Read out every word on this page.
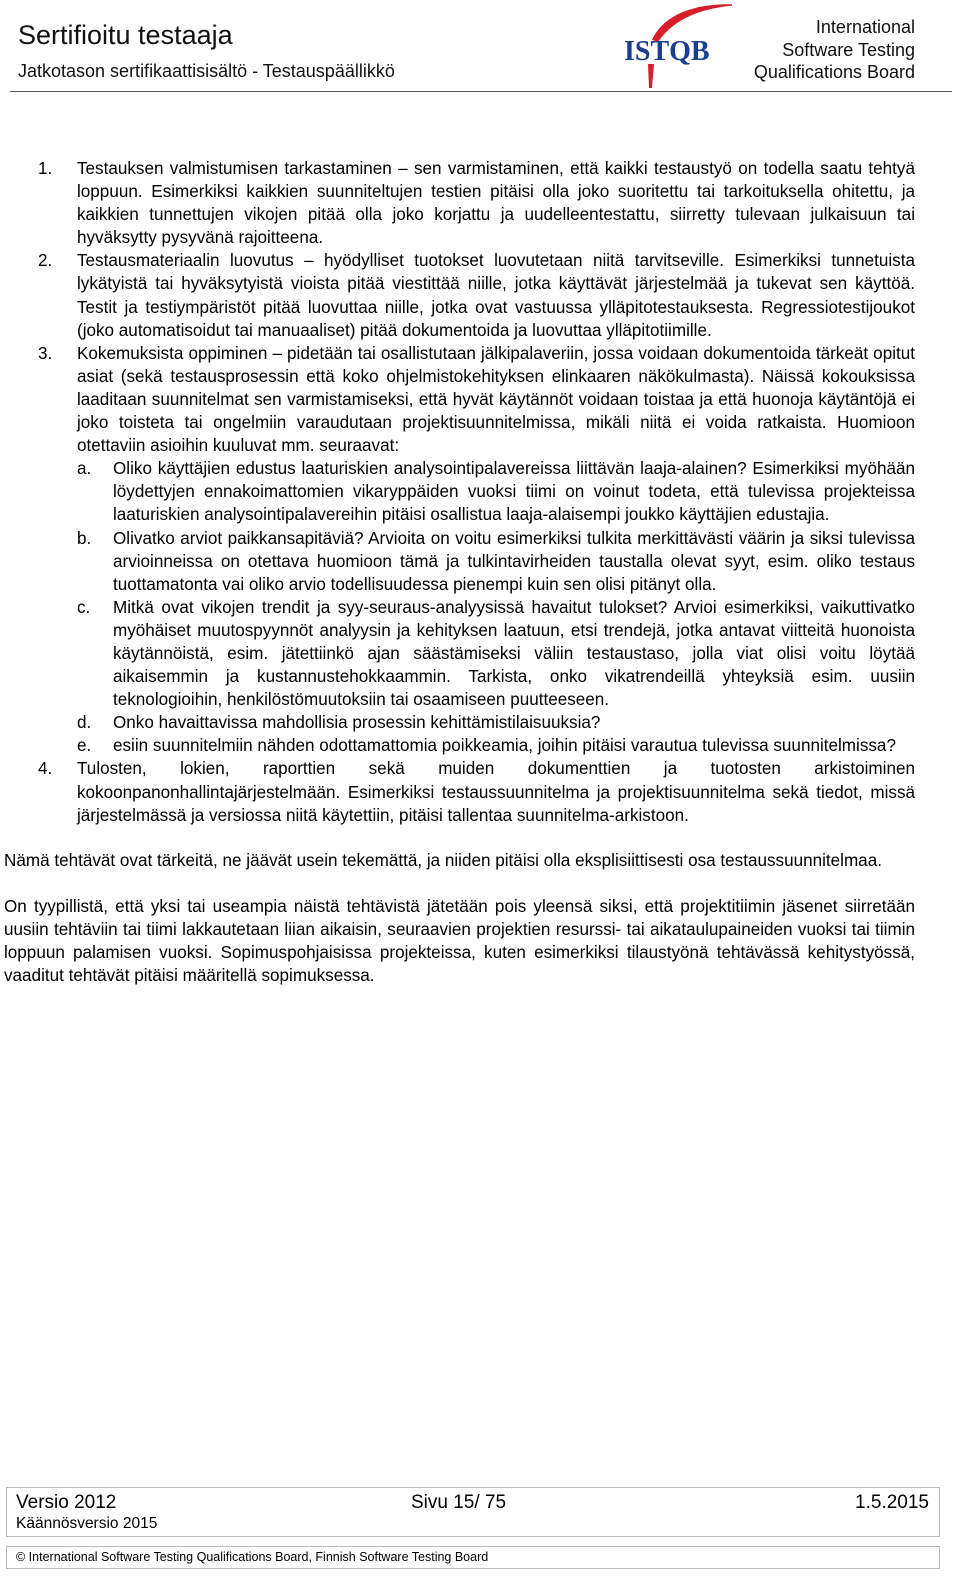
Sertifioitu testaaja
Jatkotason sertifikaattisisältö - Testauspäällikkö
ISTQB
International
Software Testing
Qualifications Board
1. Testauksen valmistumisen tarkastaminen – sen varmistaminen, että kaikki testaustyö on todella saatu tehtyä loppuun. Esimerkiksi kaikkien suunniteltujen testien pitäisi olla joko suoritettu tai tarkoituksella ohitettu, ja kaikkien tunnettujen vikojen pitää olla joko korjattu ja uudelleentestattu, siirretty tulevaan julkaisuun tai hyväksytty pysyvänä rajoitteena.
2. Testausmateriaalin luovutus – hyödylliset tuotokset luovutetaan niitä tarvitseville. Esimerkiksi tunnetuista lykätyistä tai hyväksytyistä vioista pitää viestittää niille, jotka käyttävät järjestelmää ja tukevat sen käyttöä. Testit ja testiympäristöt pitää luovuttaa niille, jotka ovat vastuussa ylläpitotestauksesta. Regressiotestijoukot (joko automatisoidut tai manuaaliset) pitää dokumentoida ja luovuttaa ylläpitotiimille.
3. Kokemuksista oppiminen – pidetään tai osallistutaan jälkipalaveriin, jossa voidaan dokumentoida tärkeät opitut asiat (sekä testausprosessin että koko ohjelmistokehityksen elinkaaren näkökulmasta). Näissä kokouksissa laaditaan suunnitelmat sen varmistamiseksi, että hyvät käytännöt voidaan toistaa ja että huonoja käytäntöjä ei joko toisteta tai ongelmiin varaudutaan projektisuunnitelmissa, mikäli niitä ei voida ratkaista. Huomioon otettaviin asioihin kuuluvat mm. seuraavat:
a. Oliko käyttäjien edustus laaturiskien analysointipalavereissa liittävän laaja-alainen? Esimerkiksi myöhään löydettyjen ennakoimattomien vikaryppäiden vuoksi tiimi on voinut todeta, että tulevissa projekteissa laaturiskien analysointipalavereihin pitäisi osallistua laaja-alaisempi joukko käyttäjien edustajia.
b. Olivatko arviot paikkansapitäviä? Arvioita on voitu esimerkiksi tulkita merkittävästi väärin ja siksi tulevissa arvioinneissa on otettava huomioon tämä ja tulkintavirheiden taustalla olevat syyt, esim. oliko testaus tuottamatonta vai oliko arvio todellisuudessa pienempi kuin sen olisi pitänyt olla.
c. Mitkä ovat vikojen trendit ja syy-seuraus-analyysissä havaitut tulokset? Arvioi esimerkiksi, vaikuttivatko myöhäiset muutospyynnöt analyysin ja kehityksen laatuun, etsi trendejä, jotka antavat viitteitä huonoista käytännöistä, esim. jätettiinkö ajan säästämiseksi väliin testaustaso, jolla viat olisi voitu löytää aikaisemmin ja kustannustehokkaammin. Tarkista, onko vikatrendeillä yhteyksiä esim. uusiin teknologioihin, henkilöstömuutoksiin tai osaamiseen puutteeseen.
d. Onko havaittavissa mahdollisia prosessin kehittämistilaisuuksia?
e. esiin suunnitelmiin nähden odottamattomia poikkeamia, joihin pitäisi varautua tulevissa suunnitelmissa?
4. Tulosten, lokien, raporttien sekä muiden dokumenttien ja tuotosten arkistoiminen kokoonpanonhallintajärjestelmään. Esimerkiksi testaussuunnitelma ja projektisuunnitelma sekä tiedot, missä järjestelmässä ja versiossa niitä käytettiin, pitäisi tallentaa suunnitelma-arkistoon.

Nämä tehtävät ovat tärkeitä, ne jäävät usein tekemättä, ja niiden pitäisi olla eksplisiittisesti osa testaussuunnitelmaa.

On tyypillistä, että yksi tai useampia näistä tehtävistä jätetään pois yleensä siksi, että projektitiimin jäsenet siirretään uusiin tehtäviin tai tiimi lakkautetaan liian aikaisin, seuraavien projektien resurssi- tai aikataulupaineiden vuoksi tai tiimin loppuun palamisen vuoksi. Sopimuspohjaisissa projekteissa, kuten esimerkiksi tilaustyönä tehtävässä kehitystyössä, vaaditut tehtävät pitäisi määritellä sopimuksessa.

Versio 2012
Käännösversio 2015
Sivu 15/ 75	1.5.2015
© International Software Testing Qualifications Board, Finnish Software Testing Board
